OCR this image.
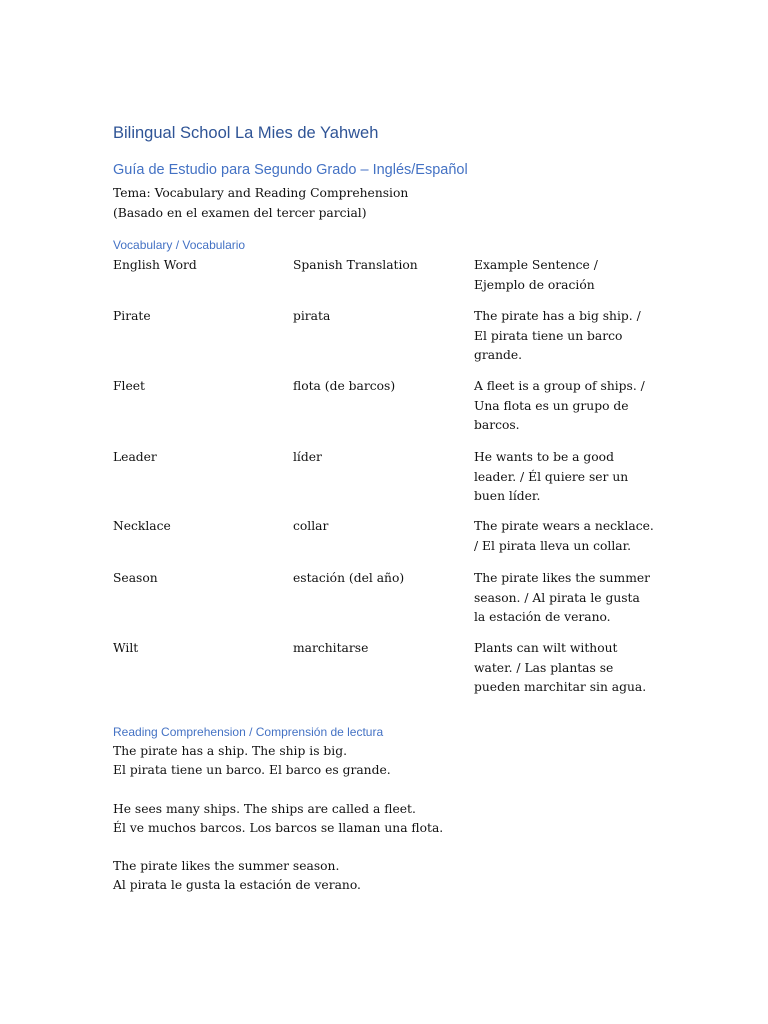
Bilingual School La Mies de Yahweh
Guía de Estudio para Segundo Grado – Inglés/Español
Tema: Vocabulary and Reading Comprehension
(Basado en el examen del tercer parcial)
Vocabulary / Vocabulario
English Word	Spanish Translation	Example Sentence /
Ejemplo de oración
Pirate	pirata	The pirate has a big ship. /
El pirata tiene un barco
grande.
Fleet	flota (de barcos)	A fleet is a group of ships. /
Una flota es un grupo de
barcos.
Leader	líder	He wants to be a good
leader. / Él quiere ser un
buen líder.
Necklace	collar	The pirate wears a necklace.
/ El pirata lleva un collar.
Season	estación (del año)	The pirate likes the summer
season. / Al pirata le gusta
la estación de verano.
Wilt	marchitarse	Plants can wilt without
water. / Las plantas se
pueden marchitar sin agua.
Reading Comprehension / Comprensión de lectura
The pirate has a ship. The ship is big.
El pirata tiene un barco. El barco es grande.
He sees many ships. The ships are called a fleet.
Él ve muchos barcos. Los barcos se llaman una flota.
The pirate likes the summer season.
Al pirata le gusta la estación de verano.
